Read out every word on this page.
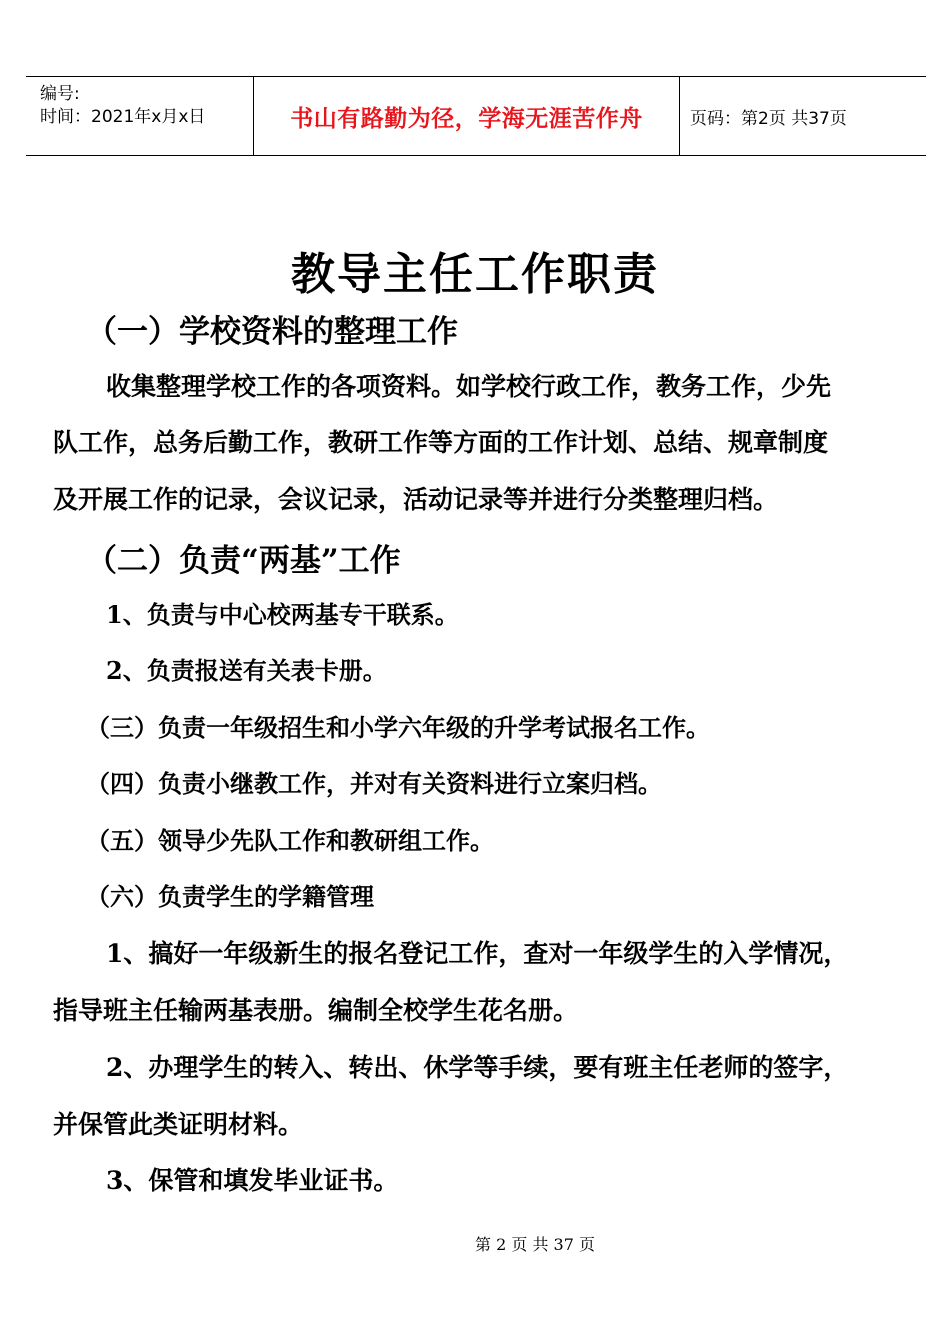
编号:
时间：2021年x月x日	书山有路勤为径，学海无涯苦作舟	页码：第2页 共37页
教导主任工作职责
（一）学校资料的整理工作
收集整理学校工作的各项资料。如学校行政工作，教务工作，少先
队工作，总务后勤工作，教研工作等方面的工作计划、总结、规章制度
及开展工作的记录，会议记录，活动记录等并进行分类整理归档。
（二）负责“两基”工作
1、负责与中心校两基专干联系。
2、负责报送有关表卡册。
（三）负责一年级招生和小学六年级的升学考试报名工作。
（四）负责小继教工作，并对有关资料进行立案归档。
（五）领导少先队工作和教研组工作。
（六）负责学生的学籍管理
1、搞好一年级新生的报名登记工作，查对一年级学生的入学情况，
指导班主任输两基表册。编制全校学生花名册。
2、办理学生的转入、转出、休学等手续，要有班主任老师的签字，
并保管此类证明材料。
3、保管和填发毕业证书。
第 2 页 共 37 页
